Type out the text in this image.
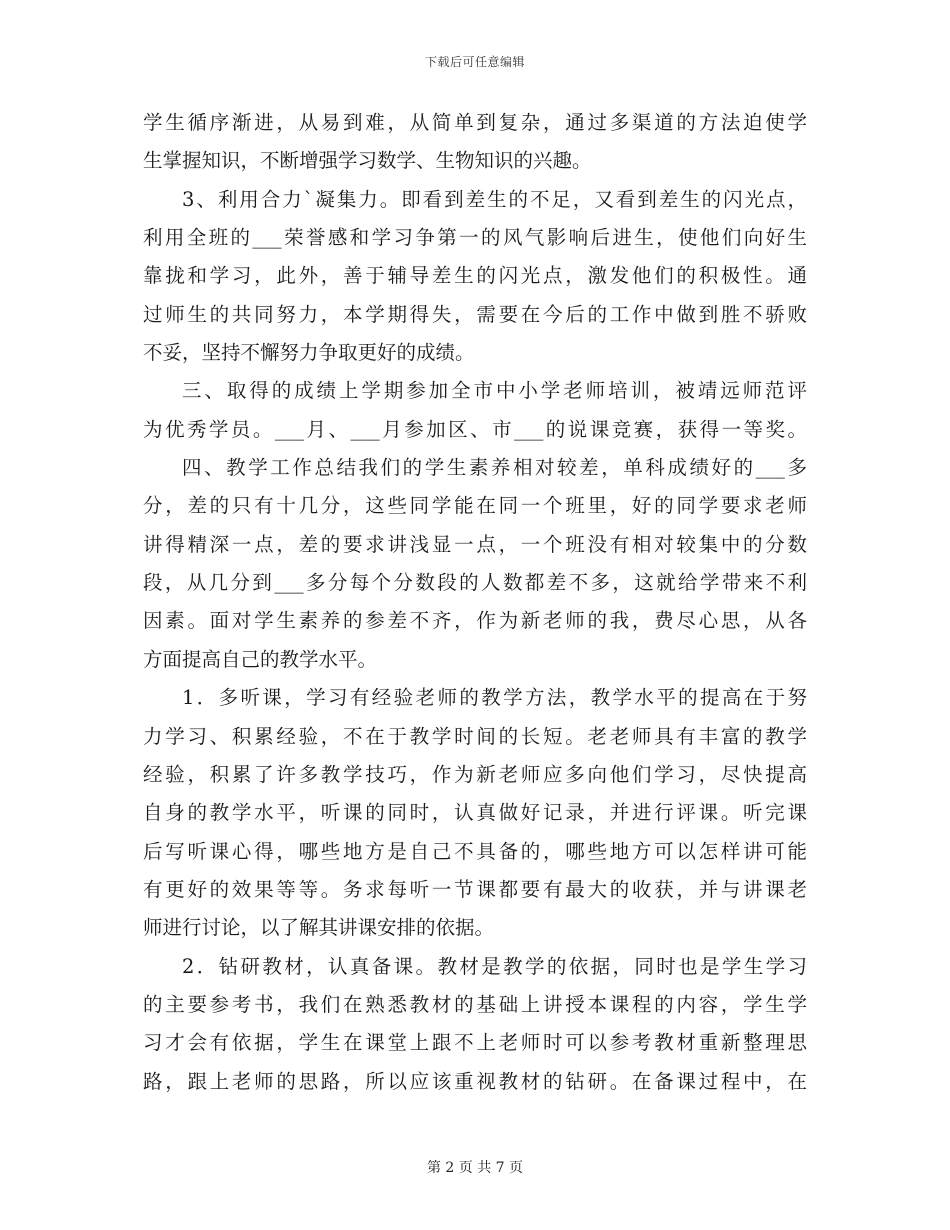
下载后可任意编辑
学生循序渐进，从易到难，从简单到复杂，通过多渠道的方法迫使学
生掌握知识，不断增强学习数学、生物知识的兴趣。
3、利用合力`凝集力。即看到差生的不足，又看到差生的闪光点，
利用全班的___荣誉感和学习争第一的风气影响后进生，使他们向好生
靠拢和学习，此外，善于辅导差生的闪光点，激发他们的积极性。通
过师生的共同努力，本学期得失，需要在今后的工作中做到胜不骄败
不妥，坚持不懈努力争取更好的成绩。
三、取得的成绩上学期参加全市中小学老师培训，被靖远师范评
为优秀学员。___月、___月参加区、市___的说课竞赛，获得一等奖。
四、教学工作总结我们的学生素养相对较差，单科成绩好的___多
分，差的只有十几分，这些同学能在同一个班里，好的同学要求老师
讲得精深一点，差的要求讲浅显一点，一个班没有相对较集中的分数
段，从几分到___多分每个分数段的人数都差不多，这就给学带来不利
因素。面对学生素养的参差不齐，作为新老师的我，费尽心思，从各
方面提高自己的教学水平。
1．多听课，学习有经验老师的教学方法，教学水平的提高在于努
力学习、积累经验，不在于教学时间的长短。老老师具有丰富的教学
经验，积累了许多教学技巧，作为新老师应多向他们学习，尽快提高
自身的教学水平，听课的同时，认真做好记录，并进行评课。听完课
后写听课心得，哪些地方是自己不具备的，哪些地方可以怎样讲可能
有更好的效果等等。务求每听一节课都要有最大的收获，并与讲课老
师进行讨论，以了解其讲课安排的依据。
2．钻研教材，认真备课。教材是教学的依据，同时也是学生学习
的主要参考书，我们在熟悉教材的基础上讲授本课程的内容，学生学
习才会有依据，学生在课堂上跟不上老师时可以参考教材重新整理思
路，跟上老师的思路，所以应该重视教材的钻研。在备课过程中，在
第 2 页 共 7 页
